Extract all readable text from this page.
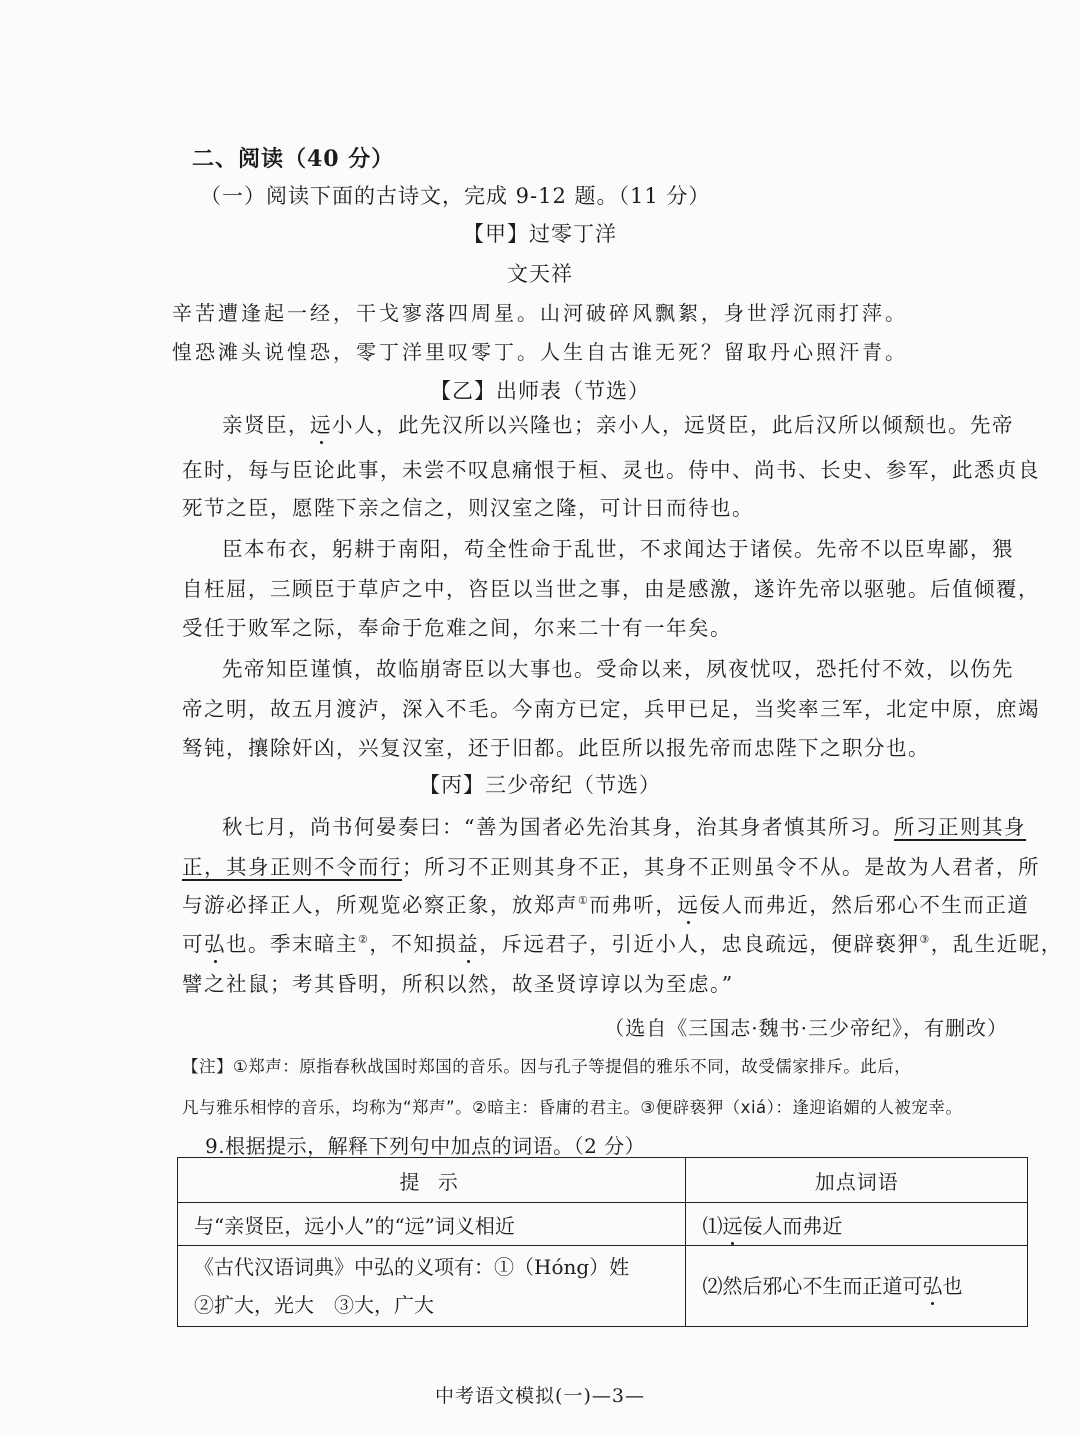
二、阅读（40 分）
（一）阅读下面的古诗文，完成 9-12 题。（11 分）
【甲】过零丁洋
文天祥
辛苦遭逢起一经，干戈寥落四周星。山河破碎风飘絮，身世浮沉雨打萍。
惶恐滩头说惶恐，零丁洋里叹零丁。人生自古谁无死？留取丹心照汗青。
【乙】出师表（节选）
亲贤臣，远小人，此先汉所以兴隆也；亲小人，远贤臣，此后汉所以倾颓也。先帝
在时，每与臣论此事，未尝不叹息痛恨于桓、灵也。侍中、尚书、长史、参军，此悉贞良
死节之臣，愿陛下亲之信之，则汉室之隆，可计日而待也。
臣本布衣，躬耕于南阳，苟全性命于乱世，不求闻达于诸侯。先帝不以臣卑鄙，猥
自枉屈，三顾臣于草庐之中，咨臣以当世之事，由是感激，遂许先帝以驱驰。后值倾覆，
受任于败军之际，奉命于危难之间，尔来二十有一年矣。
先帝知臣谨慎，故临崩寄臣以大事也。受命以来，夙夜忧叹，恐托付不效，以伤先
帝之明，故五月渡泸，深入不毛。今南方已定，兵甲已足，当奖率三军，北定中原，庶竭
驽钝，攘除奸凶，兴复汉室，还于旧都。此臣所以报先帝而忠陛下之职分也。
【丙】三少帝纪（节选）
秋七月，尚书何晏奏曰：“善为国者必先治其身，治其身者慎其所习。所习正则其身
正，其身正则不令而行；所习不正则其身不正，其身不正则虽令不从。是故为人君者，所
与游必择正人，所观览必察正象，放郑声①而弗听，远佞人而弗近，然后邪心不生而正道
可弘也。季末暗主②，不知损益，斥远君子，引近小人，忠良疏远，便辟亵狎③，乱生近昵，
譬之社鼠；考其昏明，所积以然，故圣贤谆谆以为至虑。”
（选自《三国志·魏书·三少帝纪》，有删改）
【注】①郑声：原指春秋战国时郑国的音乐。因与孔子等提倡的雅乐不同，故受儒家排斥。此后，
凡与雅乐相悖的音乐，均称为“郑声”。②暗主：昏庸的君主。③便辟亵狎（xiá）：逢迎谄媚的人被宠幸。
9.根据提示，解释下列句中加点的词语。（2 分）
提 示	加点词语
与“亲贤臣，远小人”的“远”词义相近	⑴远佞人而弗近

《古代汉语词典》中弘的义项有：①（Hóng）姓
②扩大，光大　③大，广大	⑵然后邪心不生而正道可弘也
中考语文模拟(一)—3—
